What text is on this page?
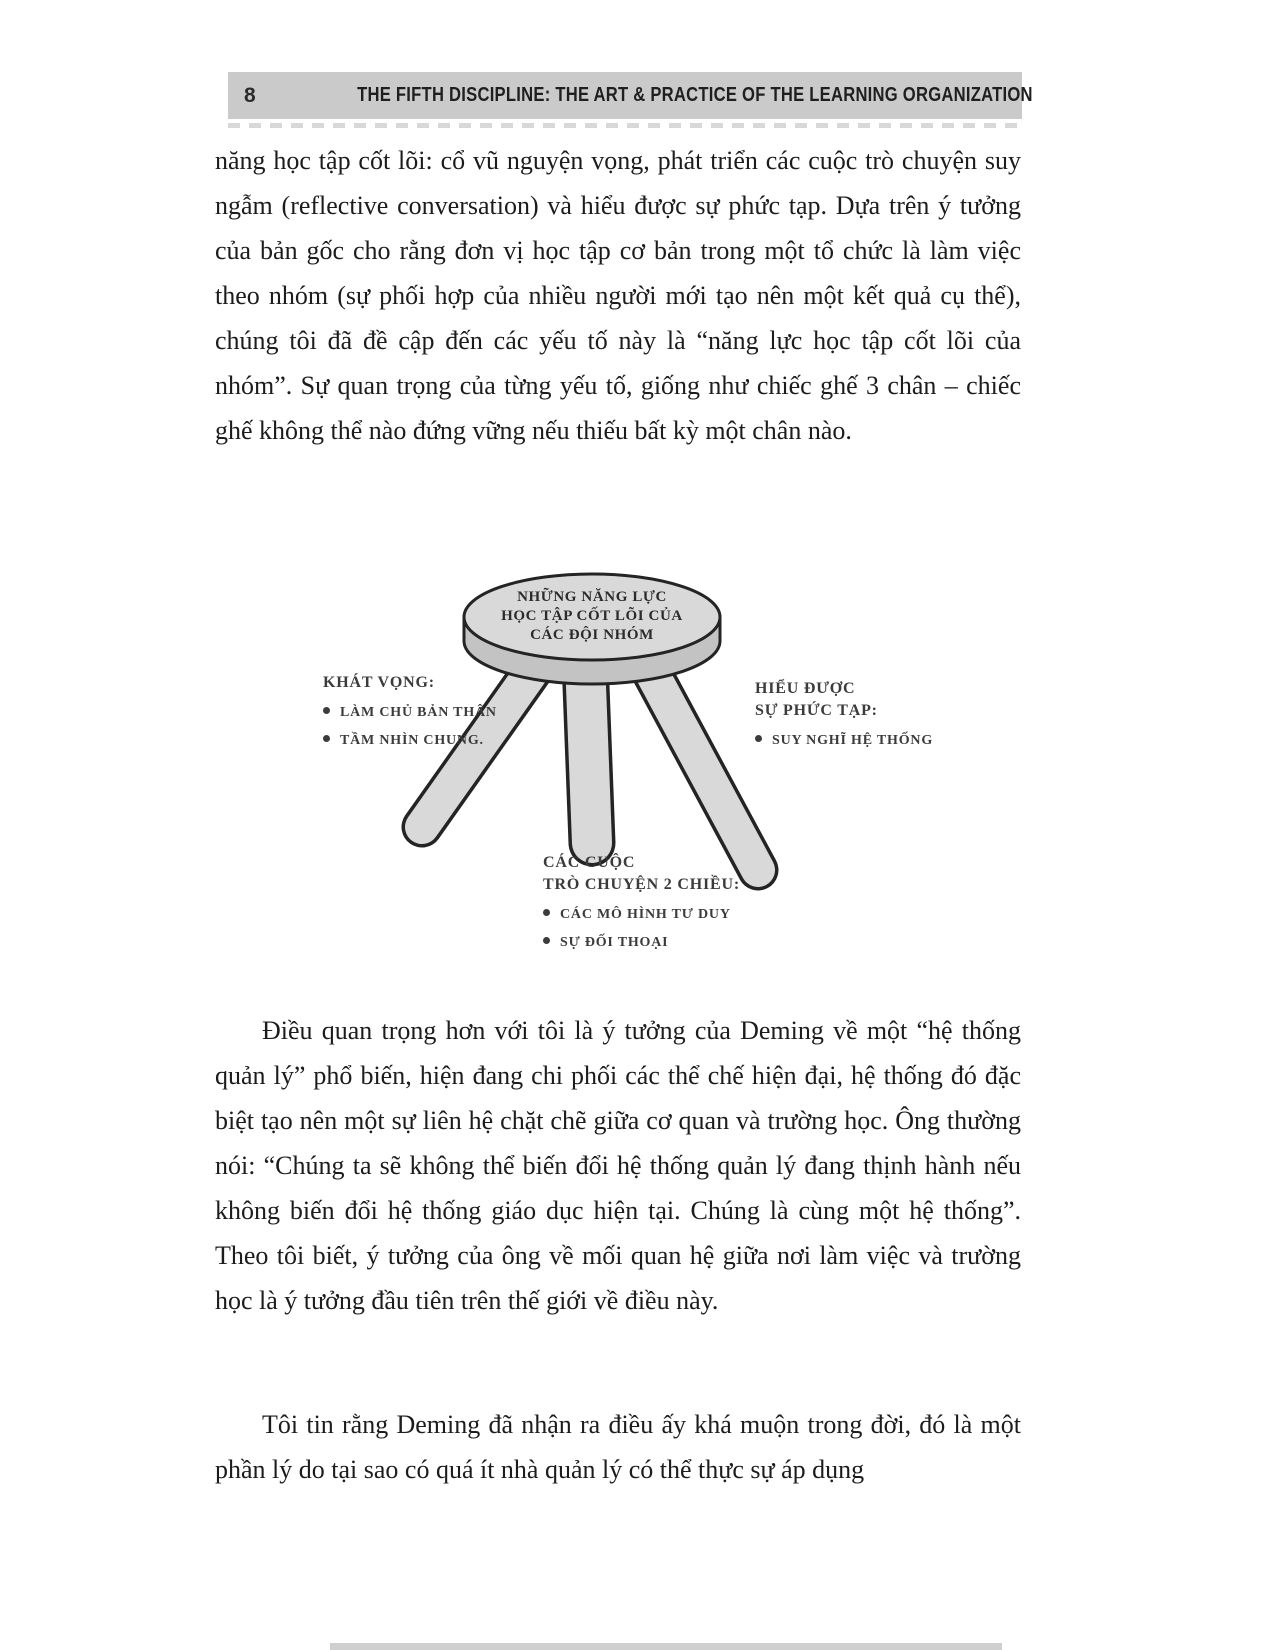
8	THE FIFTH DISCIPLINE: THE ART & PRACTICE OF THE LEARNING ORGANIZATION
năng học tập cốt lõi: cổ vũ nguyện vọng, phát triển các cuộc trò chuyện suy ngẫm (reflective conversation) và hiểu được sự phức tạp. Dựa trên ý tưởng của bản gốc cho rằng đơn vị học tập cơ bản trong một tổ chức là làm việc theo nhóm (sự phối hợp của nhiều người mới tạo nên một kết quả cụ thể), chúng tôi đã đề cập đến các yếu tố này là “năng lực học tập cốt lõi của nhóm”. Sự quan trọng của từng yếu tố, giống như chiếc ghế 3 chân – chiếc ghế không thể nào đứng vững nếu thiếu bất kỳ một chân nào.
NHỮNG NĂNG LỰC
HỌC TẬP CỐT LÕI CỦA
CÁC ĐỘI NHÓM
KHÁT VỌNG:
LÀM CHỦ BẢN THÂN
TẦM NHÌN CHUNG.
HIỂU ĐƯỢC
SỰ PHỨC TẠP:
SUY NGHĨ HỆ THỐNG
CÁC CUỘC
TRÒ CHUYỆN 2 CHIỀU:
CÁC MÔ HÌNH TƯ DUY
SỰ ĐỐI THOẠI
Điều quan trọng hơn với tôi là ý tưởng của Deming về một “hệ thống quản lý” phổ biến, hiện đang chi phối các thể chế hiện đại, hệ thống đó đặc biệt tạo nên một sự liên hệ chặt chẽ giữa cơ quan và trường học. Ông thường nói: “Chúng ta sẽ không thể biến đổi hệ thống quản lý đang thịnh hành nếu không biến đổi hệ thống giáo dục hiện tại. Chúng là cùng một hệ thống”. Theo tôi biết, ý tưởng của ông về mối quan hệ giữa nơi làm việc và trường học là ý tưởng đầu tiên trên thế giới về điều này.
Tôi tin rằng Deming đã nhận ra điều ấy khá muộn trong đời, đó là một phần lý do tại sao có quá ít nhà quản lý có thể thực sự áp dụng
